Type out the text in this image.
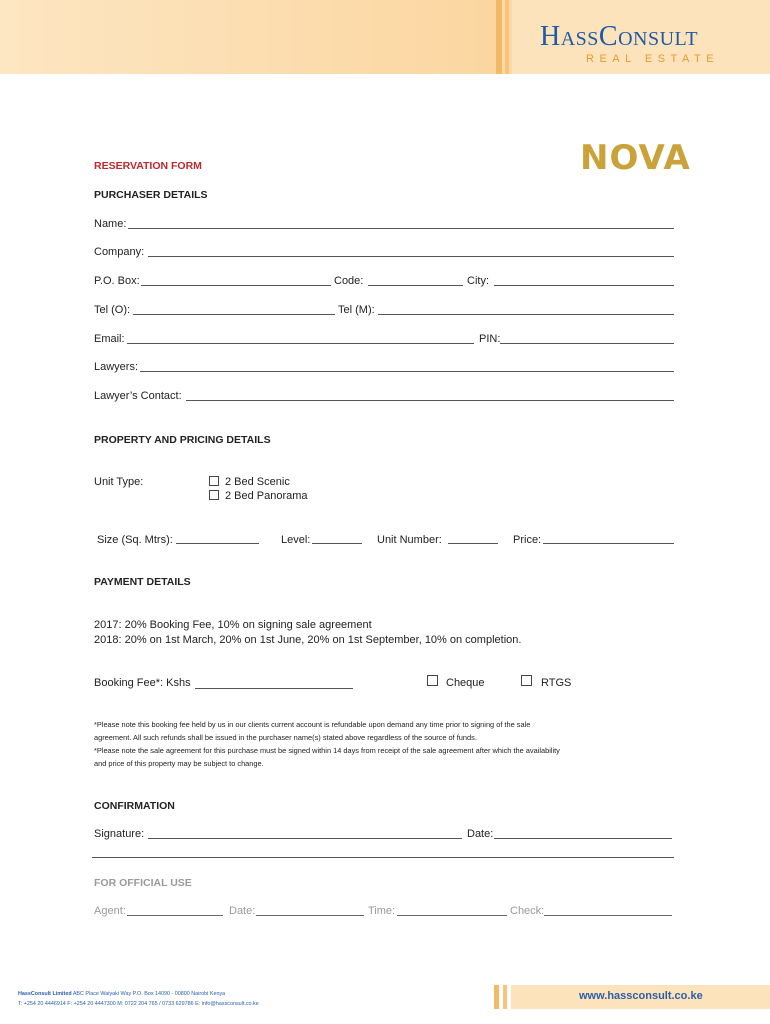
HassConsult
REAL ESTATE
NOVA
RESERVATION FORM
PURCHASER DETAILS
Name:
Company:
P.O. Box:	Code:	City:
Tel (O):	Tel (M):
Email:	PIN:
Lawyers:
Lawyer’s Contact:
PROPERTY AND PRICING DETAILS
Unit Type:	2 Bed Scenic
2 Bed Panorama
Size (Sq. Mtrs):	Level:	Unit Number:	Price:
PAYMENT DETAILS
2017: 20% Booking Fee, 10% on signing sale agreement
2018: 20% on 1st March, 20% on 1st June, 20% on 1st September, 10% on completion.
Booking Fee*: Kshs	Cheque	RTGS
*Please note this booking fee held by us in our clients current account is refundable upon demand any time prior to signing of the sale
agreement. All such refunds shall be issued in the purchaser name(s) stated above regardless of the source of funds.
*Please note the sale agreement for this purchase must be signed within 14 days from receipt of the sale agreement after which the availability
and price of this property may be subject to change.
CONFIRMATION
Signature:	Date:
FOR OFFICIAL USE
Agent:	Date:	Time:	Check:
HassConsult Limited ABC Place Waiyaki Way P.O. Box 14090 - 00800 Nairobi Kenya
T: +254 20 4446914 F: +254 20 4447300 M: 0722 204 765 / 0733 629786 E: info@hassconsult.co.ke
www.hassconsult.co.ke
